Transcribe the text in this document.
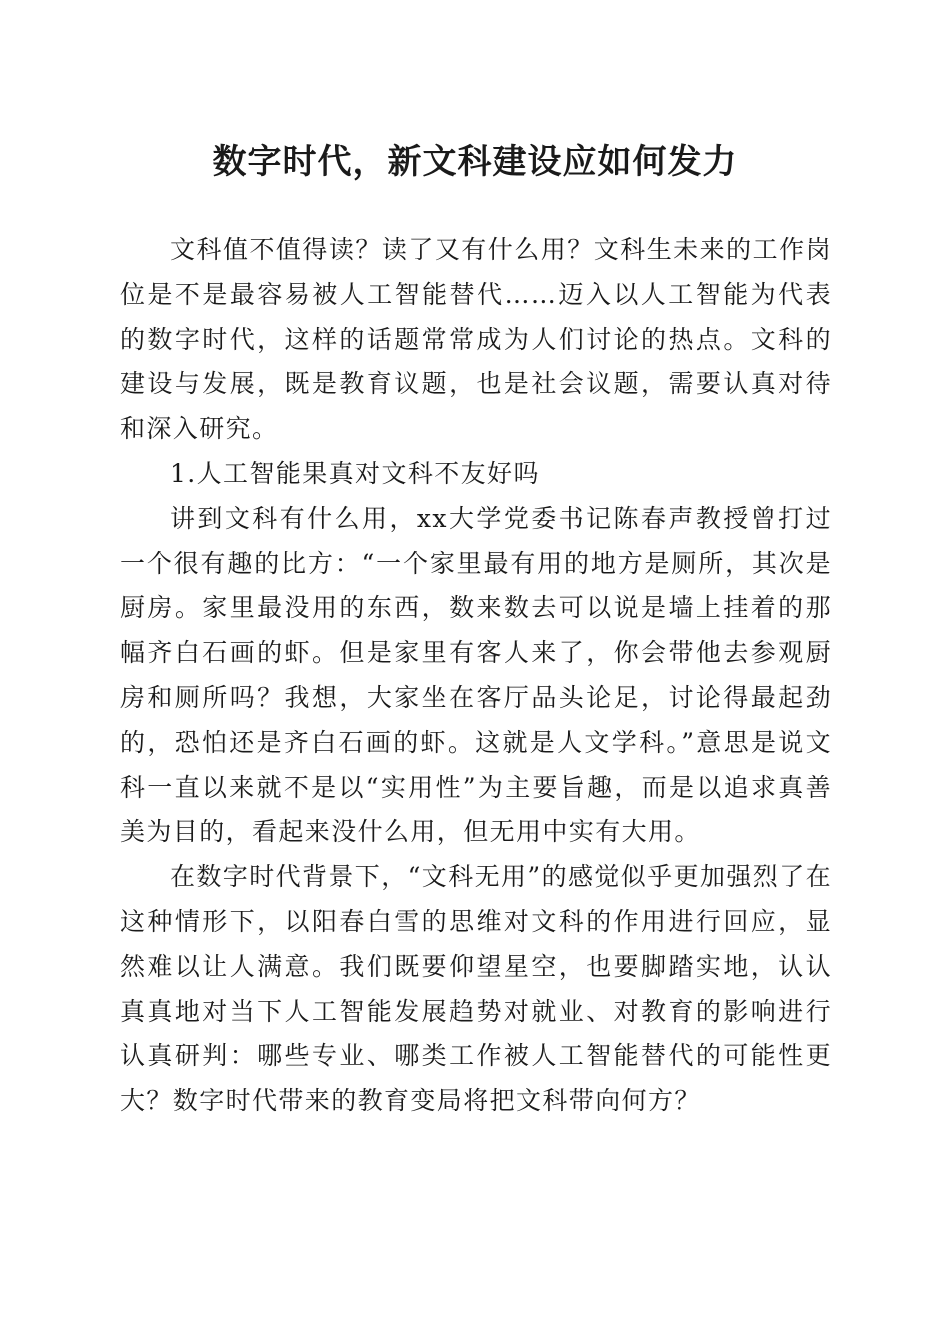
数字时代，新文科建设应如何发力

文科值不值得读？读了又有什么用？文科生未来的工作岗位是不是最容易被人工智能替代……迈入以人工智能为代表的数字时代，这样的话题常常成为人们讨论的热点。文科的建设与发展，既是教育议题，也是社会议题，需要认真对待和深入研究。

1.人工智能果真对文科不友好吗

讲到文科有什么用，xx大学党委书记陈春声教授曾打过一个很有趣的比方：“一个家里最有用的地方是厕所，其次是厨房。家里最没用的东西，数来数去可以说是墙上挂着的那幅齐白石画的虾。但是家里有客人来了，你会带他去参观厨房和厕所吗？我想，大家坐在客厅品头论足，讨论得最起劲的，恐怕还是齐白石画的虾。这就是人文学科。”意思是说文科一直以来就不是以“实用性”为主要旨趣，而是以追求真善美为目的，看起来没什么用，但无用中实有大用。

在数字时代背景下，“文科无用”的感觉似乎更加强烈了在这种情形下，以阳春白雪的思维对文科的作用进行回应，显然难以让人满意。我们既要仰望星空，也要脚踏实地，认认真真地对当下人工智能发展趋势对就业、对教育的影响进行认真研判：哪些专业、哪类工作被人工智能替代的可能性更大？数字时代带来的教育变局将把文科带向何方？
